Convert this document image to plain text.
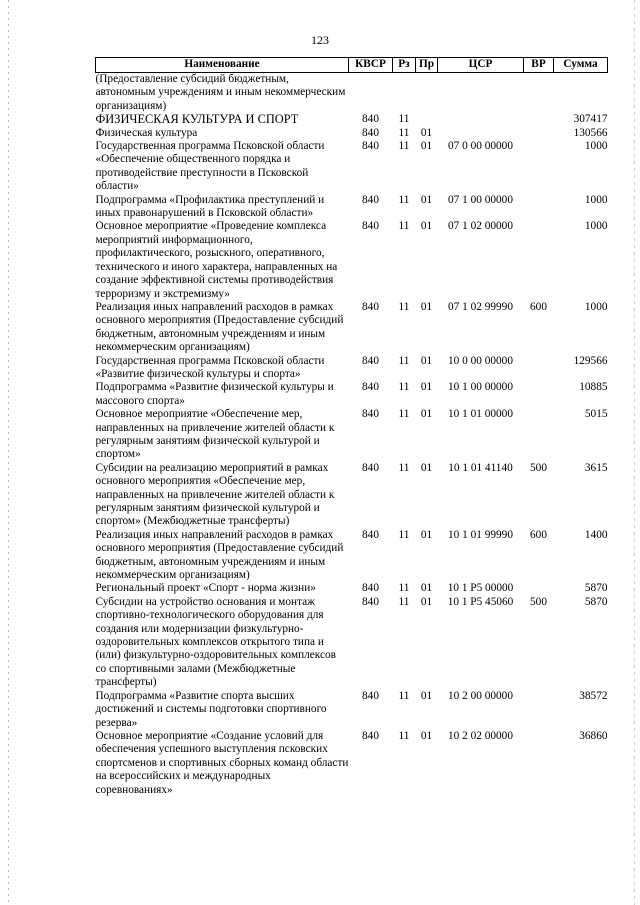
123
Наименование	КВСР	Рз	Пр	ЦСР	ВР	Сумма
(Предоставление субсидий бюджетным, автономным учреждениям и иным некоммерческим организациям)						
ФИЗИЧЕСКАЯ КУЛЬТУРА И СПОРТ	840	11				307417
Физическая культура	840	11	01			130566
Государственная программа Псковской области «Обеспечение общественного порядка и противодействие преступности в Псковской области»	840	11	01	07 0 00 00000		1000
Подпрограмма «Профилактика преступлений и иных правонарушений в Псковской области»	840	11	01	07 1 00 00000		1000
Основное мероприятие «Проведение комплекса мероприятий информационного, профилактического, розыскного, оперативного, технического и иного характера, направленных на создание эффективной системы противодействия терроризму и экстремизму»	840	11	01	07 1 02 00000		1000
Реализация иных направлений расходов в рамках основного мероприятия (Предоставление субсидий бюджетным, автономным учреждениям и иным некоммерческим организациям)	840	11	01	07 1 02 99990	600	1000
Государственная программа Псковской области «Развитие физической культуры и спорта»	840	11	01	10 0 00 00000		129566
Подпрограмма «Развитие физической культуры и массового спорта»	840	11	01	10 1 00 00000		10885
Основное мероприятие «Обеспечение мер, направленных на привлечение жителей области к регулярным занятиям физической культурой и спортом»	840	11	01	10 1 01 00000		5015
Субсидии на реализацию мероприятий в рамках основного мероприятия «Обеспечение мер, направленных на привлечение жителей области к регулярным занятиям физической культурой и спортом» (Межбюджетные трансферты)	840	11	01	10 1 01 41140	500	3615
Реализация иных направлений расходов в рамках основного мероприятия (Предоставление субсидий бюджетным, автономным учреждениям и иным некоммерческим организациям)	840	11	01	10 1 01 99990	600	1400
Региональный проект «Спорт - норма жизни»	840	11	01	10 1 P5 00000		5870
Субсидии на устройство основания и монтаж спортивно-технологического оборудования для создания или модернизации физкультурно-оздоровительных комплексов открытого типа и (или) физкультурно-оздоровительных комплексов со спортивными залами (Межбюджетные трансферты)	840	11	01	10 1 P5 45060	500	5870
Подпрограмма «Развитие спорта высших достижений и системы подготовки спортивного резерва»	840	11	01	10 2 00 00000		38572
Основное мероприятие «Создание условий для обеспечения успешного выступления псковских спортсменов и спортивных сборных команд области на всероссийских и международных соревнованиях»	840	11	01	10 2 02 00000		36860
